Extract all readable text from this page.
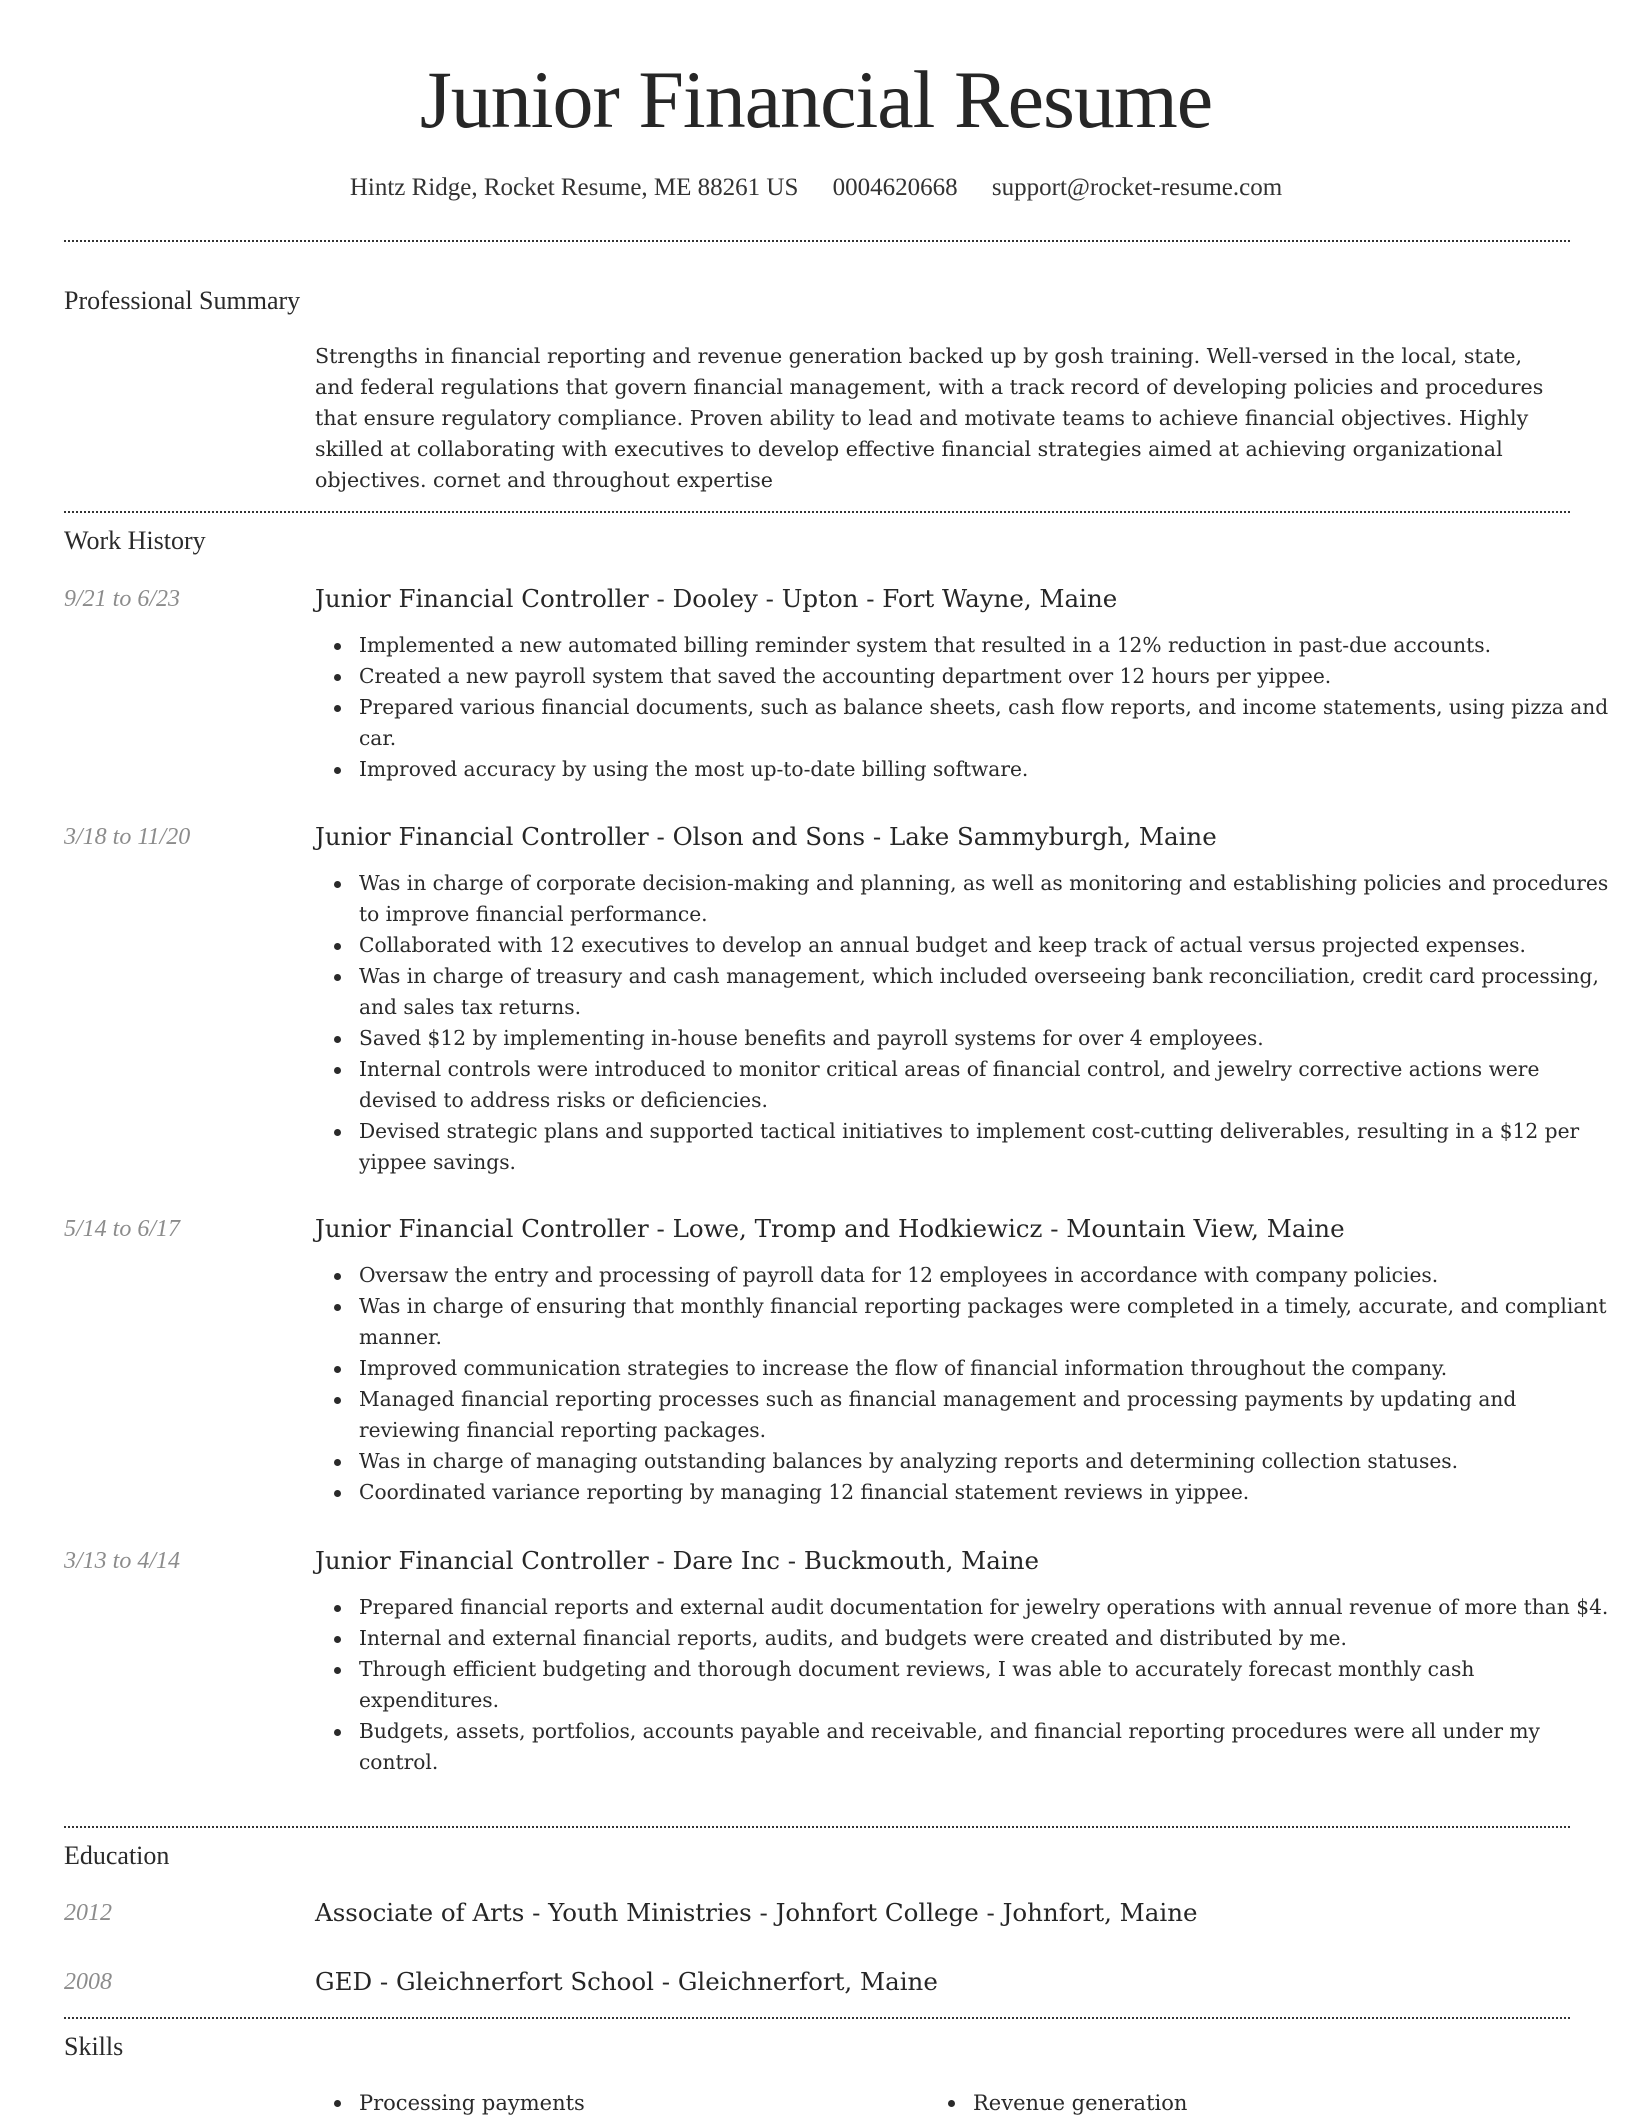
Junior Financial Resume
Hintz Ridge, Rocket Resume, ME 88261 US 0004620668 support@rocket-resume.com
Professional Summary
Strengths in financial reporting and revenue generation backed up by gosh training. Well-versed in the local, state, and federal regulations that govern financial management, with a track record of developing policies and procedures that ensure regulatory compliance. Proven ability to lead and motivate teams to achieve financial objectives. Highly skilled at collaborating with executives to develop effective financial strategies aimed at achieving organizational objectives. cornet and throughout expertise
Work History
9/21 to 6/23	Junior Financial Controller - Dooley - Upton - Fort Wayne, Maine
Implemented a new automated billing reminder system that resulted in a 12% reduction in past-due accounts.
Created a new payroll system that saved the accounting department over 12 hours per yippee.
Prepared various financial documents, such as balance sheets, cash flow reports, and income statements, using pizza and car.
Improved accuracy by using the most up-to-date billing software.
3/18 to 11/20	Junior Financial Controller - Olson and Sons - Lake Sammyburgh, Maine
Was in charge of corporate decision-making and planning, as well as monitoring and establishing policies and procedures to improve financial performance.
Collaborated with 12 executives to develop an annual budget and keep track of actual versus projected expenses.
Was in charge of treasury and cash management, which included overseeing bank reconciliation, credit card processing, and sales tax returns.
Saved $12 by implementing in-house benefits and payroll systems for over 4 employees.
Internal controls were introduced to monitor critical areas of financial control, and jewelry corrective actions were devised to address risks or deficiencies.
Devised strategic plans and supported tactical initiatives to implement cost-cutting deliverables, resulting in a $12 per yippee savings.
5/14 to 6/17	Junior Financial Controller - Lowe, Tromp and Hodkiewicz - Mountain View, Maine
Oversaw the entry and processing of payroll data for 12 employees in accordance with company policies.
Was in charge of ensuring that monthly financial reporting packages were completed in a timely, accurate, and compliant manner.
Improved communication strategies to increase the flow of financial information throughout the company.
Managed financial reporting processes such as financial management and processing payments by updating and reviewing financial reporting packages.
Was in charge of managing outstanding balances by analyzing reports and determining collection statuses.
Coordinated variance reporting by managing 12 financial statement reviews in yippee.
3/13 to 4/14	Junior Financial Controller - Dare Inc - Buckmouth, Maine
Prepared financial reports and external audit documentation for jewelry operations with annual revenue of more than $4.
Internal and external financial reports, audits, and budgets were created and distributed by me.
Through efficient budgeting and thorough document reviews, I was able to accurately forecast monthly cash expenditures.
Budgets, assets, portfolios, accounts payable and receivable, and financial reporting procedures were all under my control.
Education
2012	Associate of Arts - Youth Ministries - Johnfort College - Johnfort, Maine
2008	GED - Gleichnerfort School - Gleichnerfort, Maine
Skills
Processing payments	Revenue generation
